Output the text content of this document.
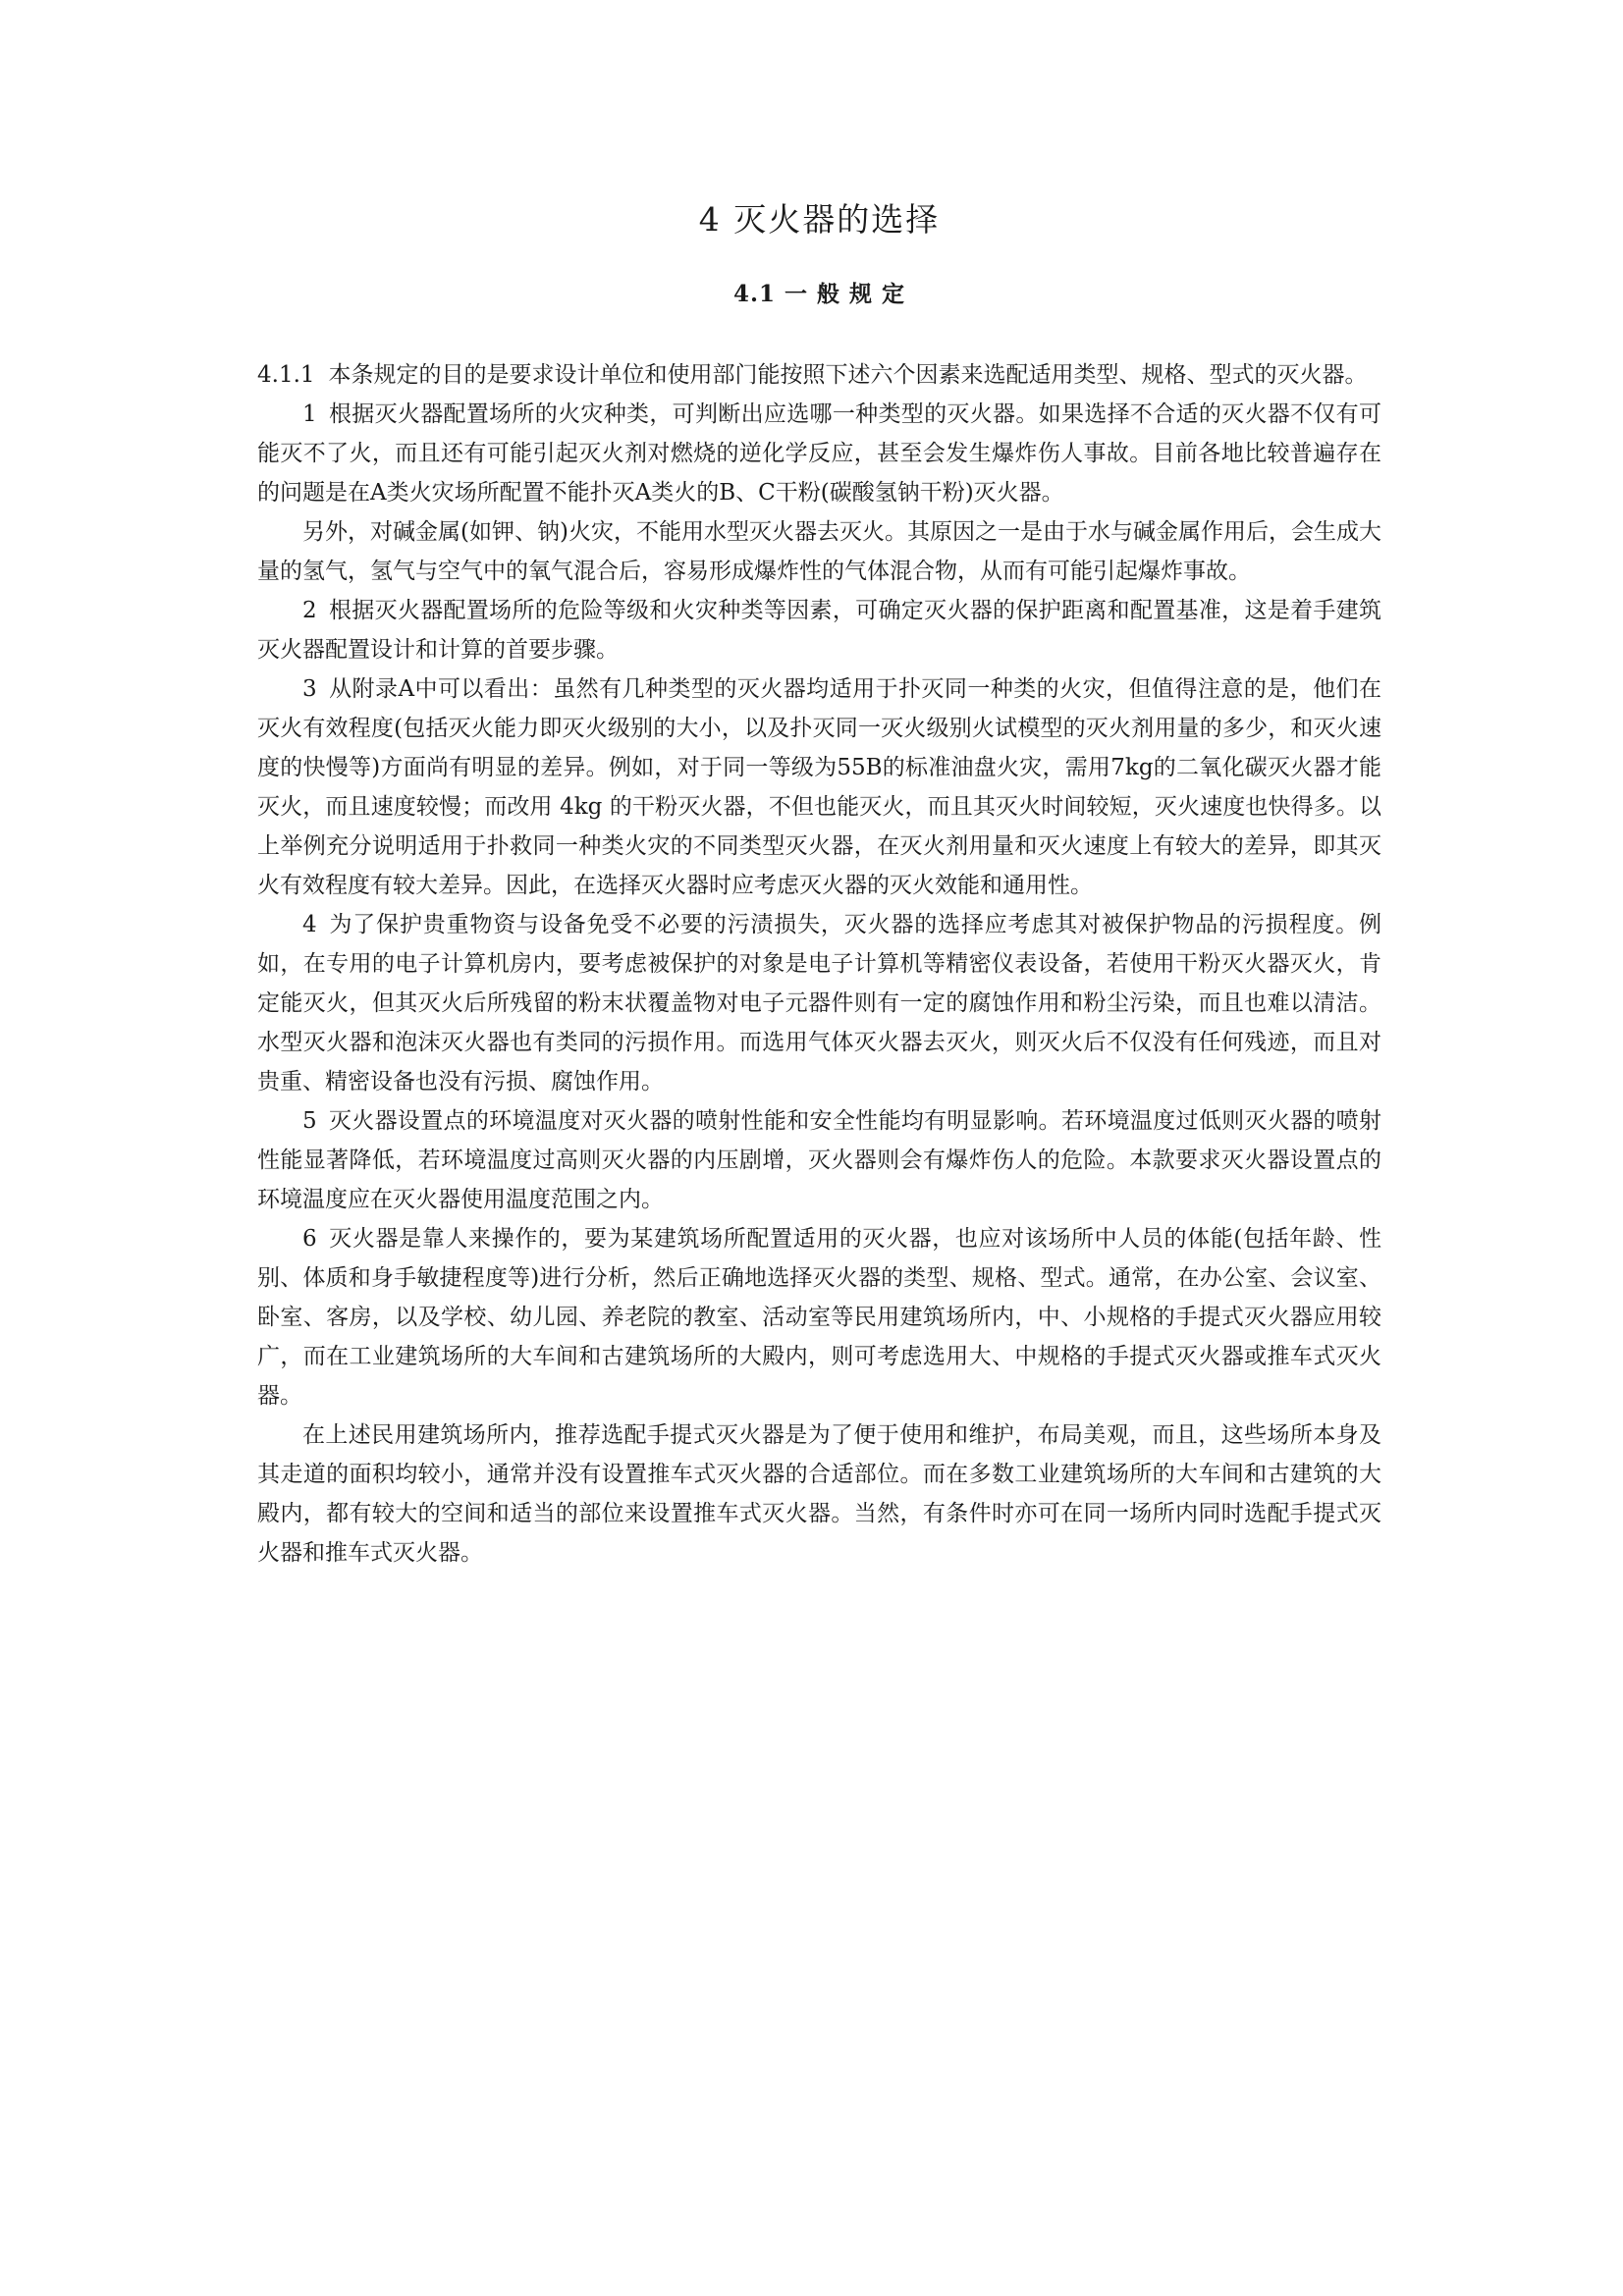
4 灭火器的选择
4.1 一 般 规 定

4.1.1 本条规定的目的是要求设计单位和使用部门能按照下述六个因素来选配适用类型、规格、型式的灭火器。

1 根据灭火器配置场所的火灾种类，可判断出应选哪一种类型的灭火器。如果选择不合适的灭火器不仅有可能灭不了火，而且还有可能引起灭火剂对燃烧的逆化学反应，甚至会发生爆炸伤人事故。目前各地比较普遍存在的问题是在A类火灾场所配置不能扑灭A类火的B、C干粉(碳酸氢钠干粉)灭火器。

另外，对碱金属(如钾、钠)火灾，不能用水型灭火器去灭火。其原因之一是由于水与碱金属作用后，会生成大量的氢气，氢气与空气中的氧气混合后，容易形成爆炸性的气体混合物，从而有可能引起爆炸事故。

2 根据灭火器配置场所的危险等级和火灾种类等因素，可确定灭火器的保护距离和配置基准，这是着手建筑灭火器配置设计和计算的首要步骤。

3 从附录A中可以看出：虽然有几种类型的灭火器均适用于扑灭同一种类的火灾，但值得注意的是，他们在灭火有效程度(包括灭火能力即灭火级别的大小，以及扑灭同一灭火级别火试模型的灭火剂用量的多少，和灭火速度的快慢等)方面尚有明显的差异。例如，对于同一等级为55B的标准油盘火灾，需用7kg的二氧化碳灭火器才能灭火，而且速度较慢；而改用 4kg 的干粉灭火器，不但也能灭火，而且其灭火时间较短，灭火速度也快得多。以上举例充分说明适用于扑救同一种类火灾的不同类型灭火器，在灭火剂用量和灭火速度上有较大的差异，即其灭火有效程度有较大差异。因此，在选择灭火器时应考虑灭火器的灭火效能和通用性。

4 为了保护贵重物资与设备免受不必要的污渍损失，灭火器的选择应考虑其对被保护物品的污损程度。例如，在专用的电子计算机房内，要考虑被保护的对象是电子计算机等精密仪表设备，若使用干粉灭火器灭火，肯定能灭火，但其灭火后所残留的粉末状覆盖物对电子元器件则有一定的腐蚀作用和粉尘污染，而且也难以清洁。水型灭火器和泡沫灭火器也有类同的污损作用。而选用气体灭火器去灭火，则灭火后不仅没有任何残迹，而且对贵重、精密设备也没有污损、腐蚀作用。

5 灭火器设置点的环境温度对灭火器的喷射性能和安全性能均有明显影响。若环境温度过低则灭火器的喷射性能显著降低，若环境温度过高则灭火器的内压剧增，灭火器则会有爆炸伤人的危险。本款要求灭火器设置点的环境温度应在灭火器使用温度范围之内。

6 灭火器是靠人来操作的，要为某建筑场所配置适用的灭火器，也应对该场所中人员的体能(包括年龄、性别、体质和身手敏捷程度等)进行分析，然后正确地选择灭火器的类型、规格、型式。通常，在办公室、会议室、卧室、客房，以及学校、幼儿园、养老院的教室、活动室等民用建筑场所内，中、小规格的手提式灭火器应用较广，而在工业建筑场所的大车间和古建筑场所的大殿内，则可考虑选用大、中规格的手提式灭火器或推车式灭火器。

在上述民用建筑场所内，推荐选配手提式灭火器是为了便于使用和维护，布局美观，而且，这些场所本身及其走道的面积均较小，通常并没有设置推车式灭火器的合适部位。而在多数工业建筑场所的大车间和古建筑的大殿内，都有较大的空间和适当的部位来设置推车式灭火器。当然，有条件时亦可在同一场所内同时选配手提式灭火器和推车式灭火器。
